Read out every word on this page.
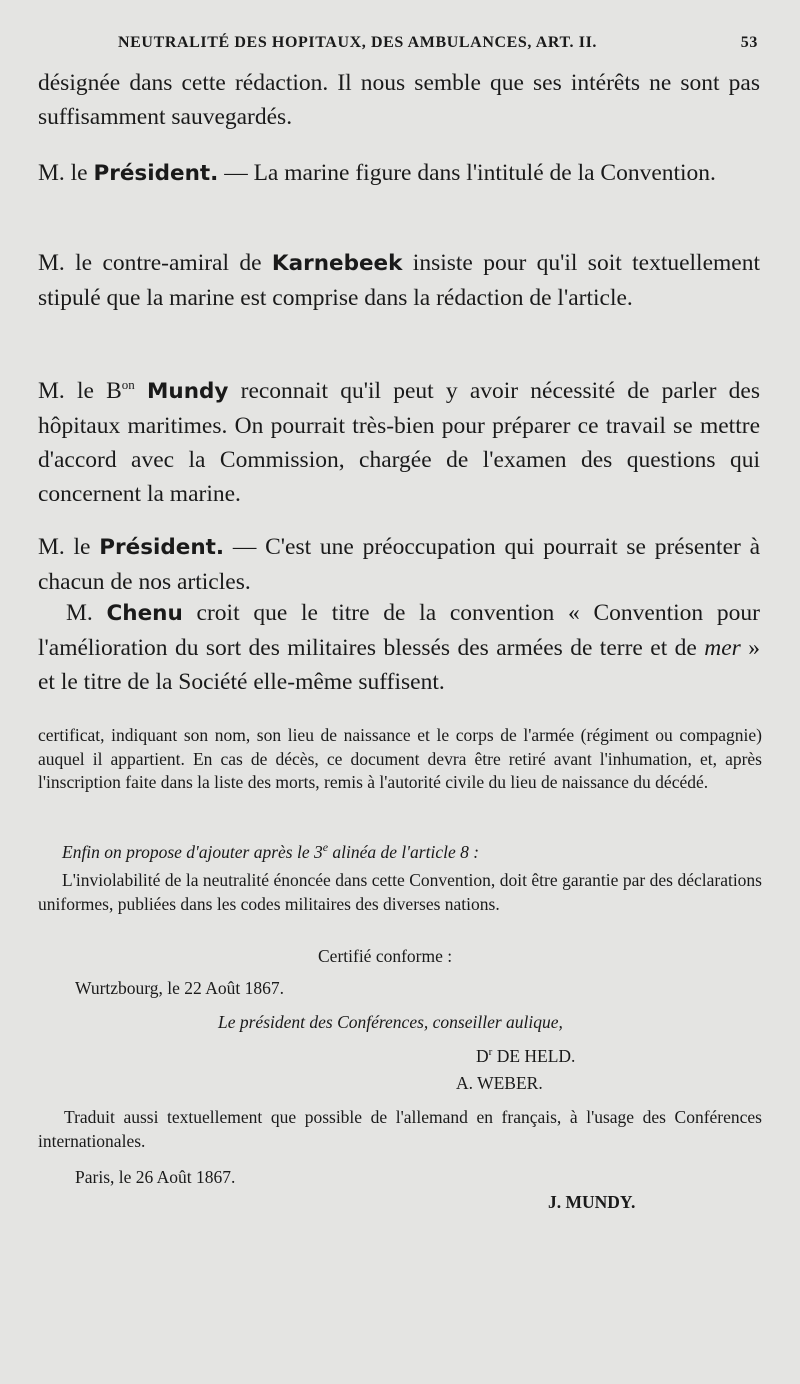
NEUTRALITÉ DES HOPITAUX, DES AMBULANCES, ART. II.	53

désignée dans cette rédaction. Il nous semble que ses intérêts ne sont pas suffisamment sauvegardés.

M. le Président. — La marine figure dans l'intitulé de la Convention.

M. le contre-amiral de Karnebeek insiste pour qu'il soit textuellement stipulé que la marine est comprise dans la rédaction de l'article.

M. le $B^{on}$ Mundy reconnait qu'il peut y avoir nécessité de parler des hôpitaux maritimes. On pourrait très-bien pour préparer ce travail se mettre d'accord avec la Commission, chargée de l'examen des questions qui concernent la marine.

M. le Président. — C'est une préoccupation qui pourrait se présenter à chacun de nos articles.

M. Chenu croit que le titre de la convention « Convention pour l'amélioration du sort des militaires blessés des armées de terre et de mer » et le titre de la Société elle-même suffisent.

certificat, indiquant son nom, son lieu de naissance et le corps de l'armée (régiment ou compagnie) auquel il appartient. En cas de décès, ce document devra être retiré avant l'inhumation, et, après l'inscription faite dans la liste des morts, remis à l'autorité civile du lieu de naissance du décédé.

Enfin on propose d'ajouter après le 3e alinéa de l'article 8 :

L'inviolabilité de la neutralité énoncée dans cette Convention, doit être garantie par des déclarations uniformes, publiées dans les codes militaires des diverses nations.

Certifié conforme :
Wurtzbourg, le 22 Août 1867.
Le président des Conférences, conseiller aulique,
$D^r$ DE HELD.
A. WEBER.

Traduit aussi textuellement que possible de l'allemand en français, à l'usage des Conférences internationales.

Paris, le 26 Août 1867.
J. MUNDY.
